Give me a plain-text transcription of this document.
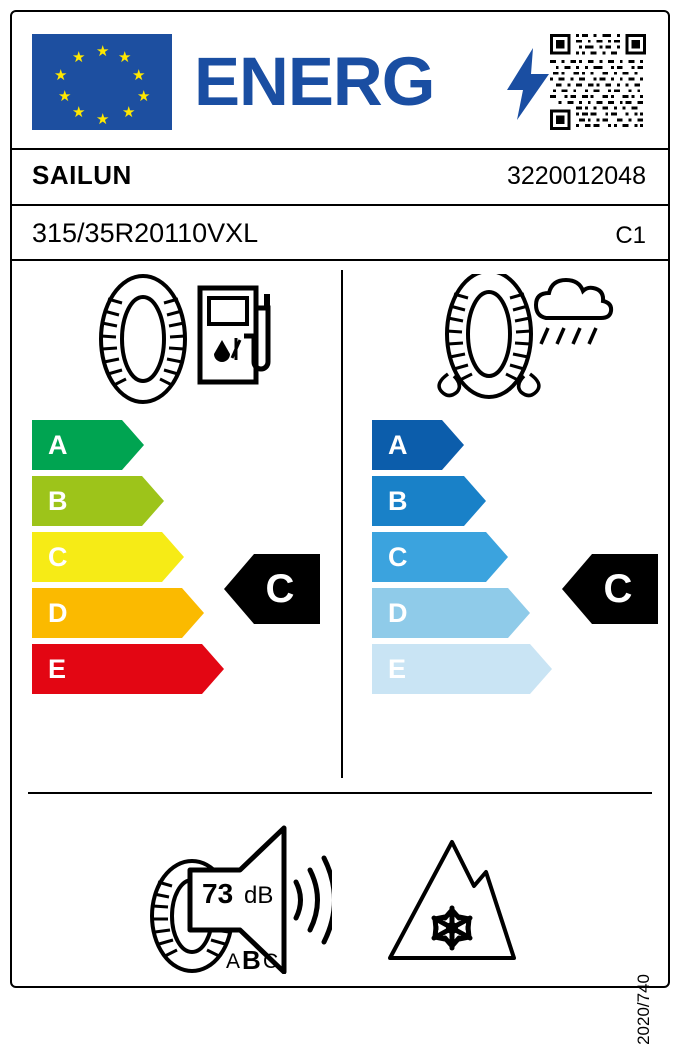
★ ★
★
★
★
★
★
★
★
★ ENERG
SAILUN	3220012048
315/35R20110VXL	C1
A
B
C
D
E
C
A
B
C
D
E
C
73 dB
A B C
2020/740
